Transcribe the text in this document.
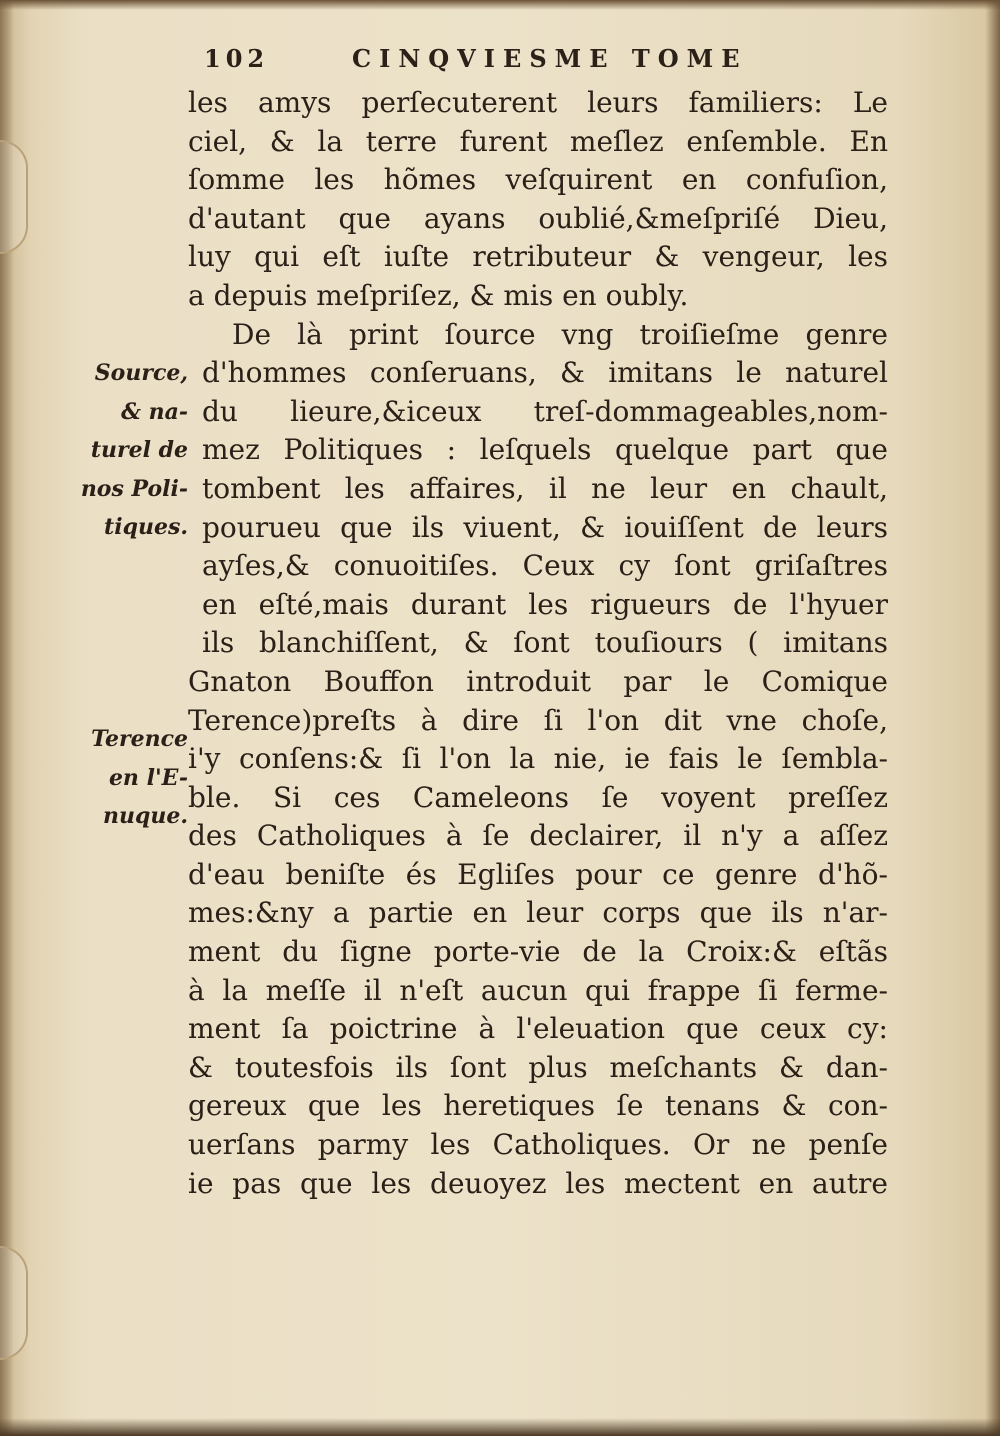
102	CINQVIESME TOME
les amys perſecuterent leurs familiers: Le
ciel, & la terre furent meſlez enſemble. En
ſomme les hõmes veſquirent en confuſion,
d'autant que ayans oublié,&meſpriſé Dieu,
luy qui eſt iuſte retributeur & vengeur, les
a depuis meſpriſez, & mis en oubly.
De là print ſource vng troiſieſme genre
d'hommes conſeruans, & imitans le naturel
du lieure,&iceux treſ-dommageables,nom-
mez Politiques : leſquels quelque part que
tombent les affaires, il ne leur en chault,
pourueu que ils viuent, & iouiſſent de leurs
ayſes,& conuoitiſes. Ceux cy ſont griſaſtres
en eſté,mais durant les rigueurs de l'hyuer
ils blanchiſſent, & ſont touſiours ( imitans
Gnaton Bouffon introduit par le Comique
Terence)preſts à dire ſi l'on dit vne choſe,
i'y conſens:& ſi l'on la nie, ie fais le ſembla-
ble. Si ces Cameleons ſe voyent preſſez
des Catholiques à ſe declairer, il n'y a aſſez
d'eau beniſte és Egliſes pour ce genre d'hõ-
mes:&ny a partie en leur corps que ils n'ar-
ment du ſigne porte-vie de la Croix:& eſtãs
à la meſſe il n'eſt aucun qui frappe ſi ferme-
ment ſa poictrine à l'eleuation que ceux cy:
& toutesfois ils ſont plus meſchants & dan-
gereux que les heretiques ſe tenans & con-
uerſans parmy les Catholiques. Or ne penſe
ie pas que les deuoyez les mectent en autre
Source,
& na-
turel de
nos Poli-
tiques.
Terence
en l'E-
nuque.
